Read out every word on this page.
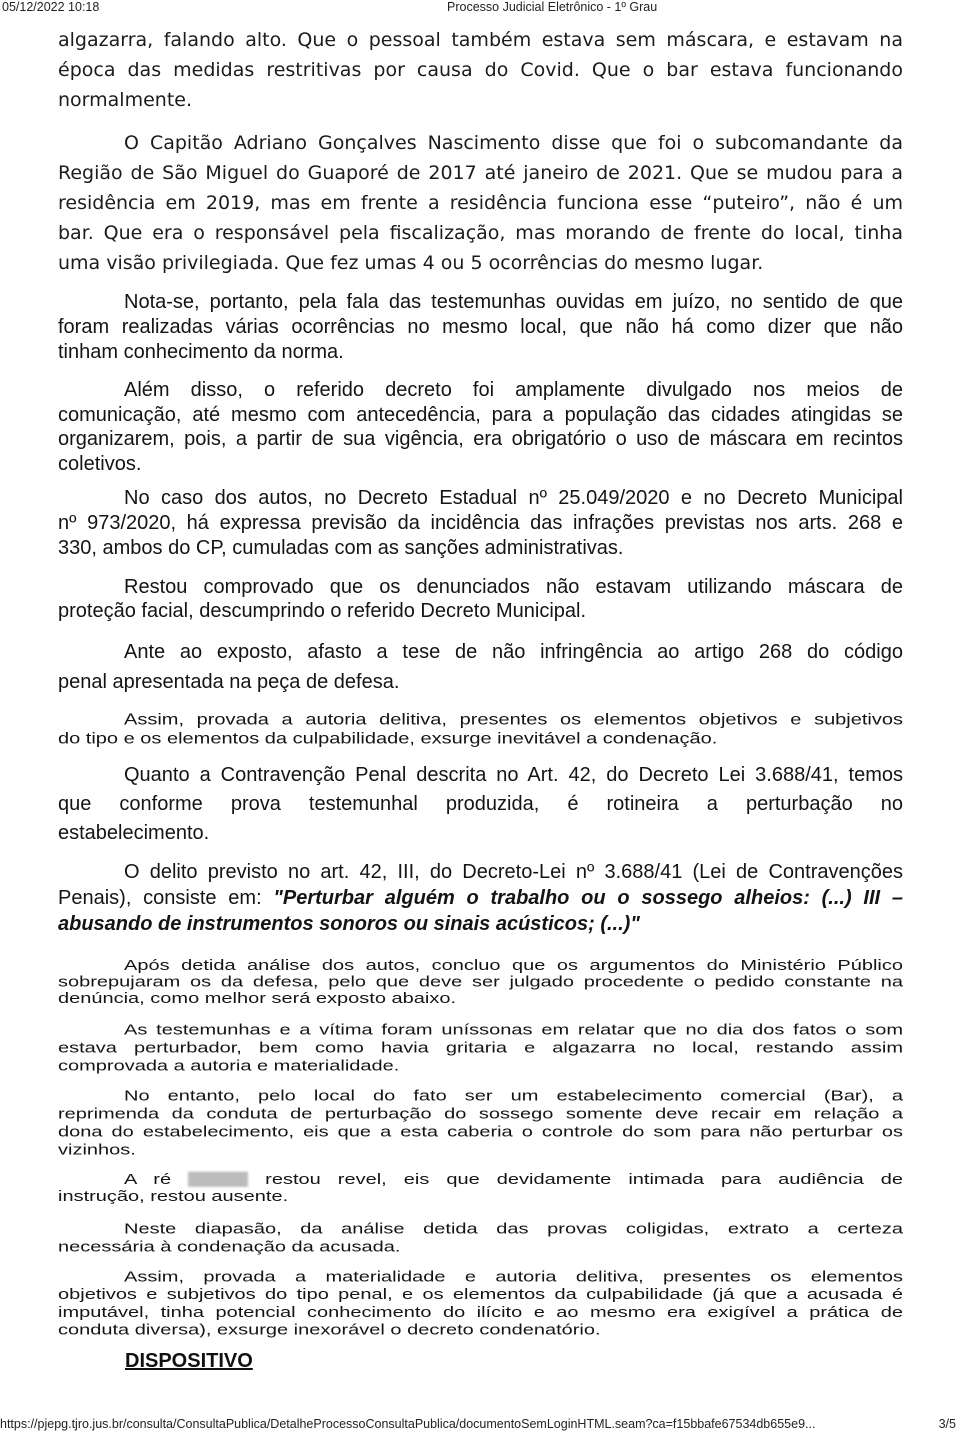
05/12/2022 10:18	Processo Judicial Eletrônico - 1º Grau
algazarra, falando alto. Que o pessoal também estava sem máscara, e estavam na
época das medidas restritivas por causa do Covid. Que o bar estava funcionando
normalmente.
O Capitão Adriano Gonçalves Nascimento disse que foi o subcomandante da
Região de São Miguel do Guaporé de 2017 até janeiro de 2021. Que se mudou para a
residência em 2019, mas em frente a residência funciona esse “puteiro”, não é um
bar. Que era o responsável pela fiscalização, mas morando de frente do local, tinha
uma visão privilegiada. Que fez umas 4 ou 5 ocorrências do mesmo lugar.
Nota-se, portanto, pela fala das testemunhas ouvidas em juízo, no sentido de que
foram realizadas várias ocorrências no mesmo local, que não há como dizer que não
tinham conhecimento da norma.
Além disso, o referido decreto foi amplamente divulgado nos meios de
comunicação, até mesmo com antecedência, para a população das cidades atingidas se
organizarem, pois, a partir de sua vigência, era obrigatório o uso de máscara em recintos
coletivos.
No caso dos autos, no Decreto Estadual nº 25.049/2020 e no Decreto Municipal
nº 973/2020, há expressa previsão da incidência das infrações previstas nos arts. 268 e
330, ambos do CP, cumuladas com as sanções administrativas.
Restou comprovado que os denunciados não estavam utilizando máscara de
proteção facial, descumprindo o referido Decreto Municipal.
Ante ao exposto, afasto a tese de não infringência ao artigo 268 do código
penal apresentada na peça de defesa.
Assim, provada a autoria delitiva, presentes os elementos objetivos e subjetivos
do tipo e os elementos da culpabilidade, exsurge inevitável a condenação.
Quanto a Contravenção Penal descrita no Art. 42, do Decreto Lei 3.688/41, temos
que conforme prova testemunhal produzida, é rotineira a perturbação no
estabelecimento.
O delito previsto no art. 42, III, do Decreto-Lei nº 3.688/41 (Lei de Contravenções
Penais), consiste em: "Perturbar alguém o trabalho ou o sossego alheios: (...) III –
abusando de instrumentos sonoros ou sinais acústicos; (...)"
Após detida análise dos autos, concluo que os argumentos do Ministério Público
sobrepujaram os da defesa, pelo que deve ser julgado procedente o pedido constante na
denúncia, como melhor será exposto abaixo.
As testemunhas e a vítima foram uníssonas em relatar que no dia dos fatos o som
estava perturbador, bem como havia gritaria e algazarra no local, restando assim
comprovada a autoria e materialidade.
No entanto, pelo local do fato ser um estabelecimento comercial (Bar), a
reprimenda da conduta de perturbação do sossego somente deve recair em relação a
dona do estabelecimento, eis que a esta caberia o controle do som para não perturbar os
vizinhos.
A ré	restou revel, eis que devidamente intimada para audiência de
instrução, restou ausente.
Neste diapasão, da análise detida das provas coligidas, extrato a certeza
necessária à condenação da acusada.
Assim, provada a materialidade e autoria delitiva, presentes os elementos
objetivos e subjetivos do tipo penal, e os elementos da culpabilidade (já que a acusada é
imputável, tinha potencial conhecimento do ilícito e ao mesmo era exigível a prática de
conduta diversa), exsurge inexorável o decreto condenatório.
DISPOSITIVO
https://pjepg.tjro.jus.br/consulta/ConsultaPublica/DetalheProcessoConsultaPublica/documentoSemLoginHTML.seam?ca=f15bbafe67534db655e9...	3/5
